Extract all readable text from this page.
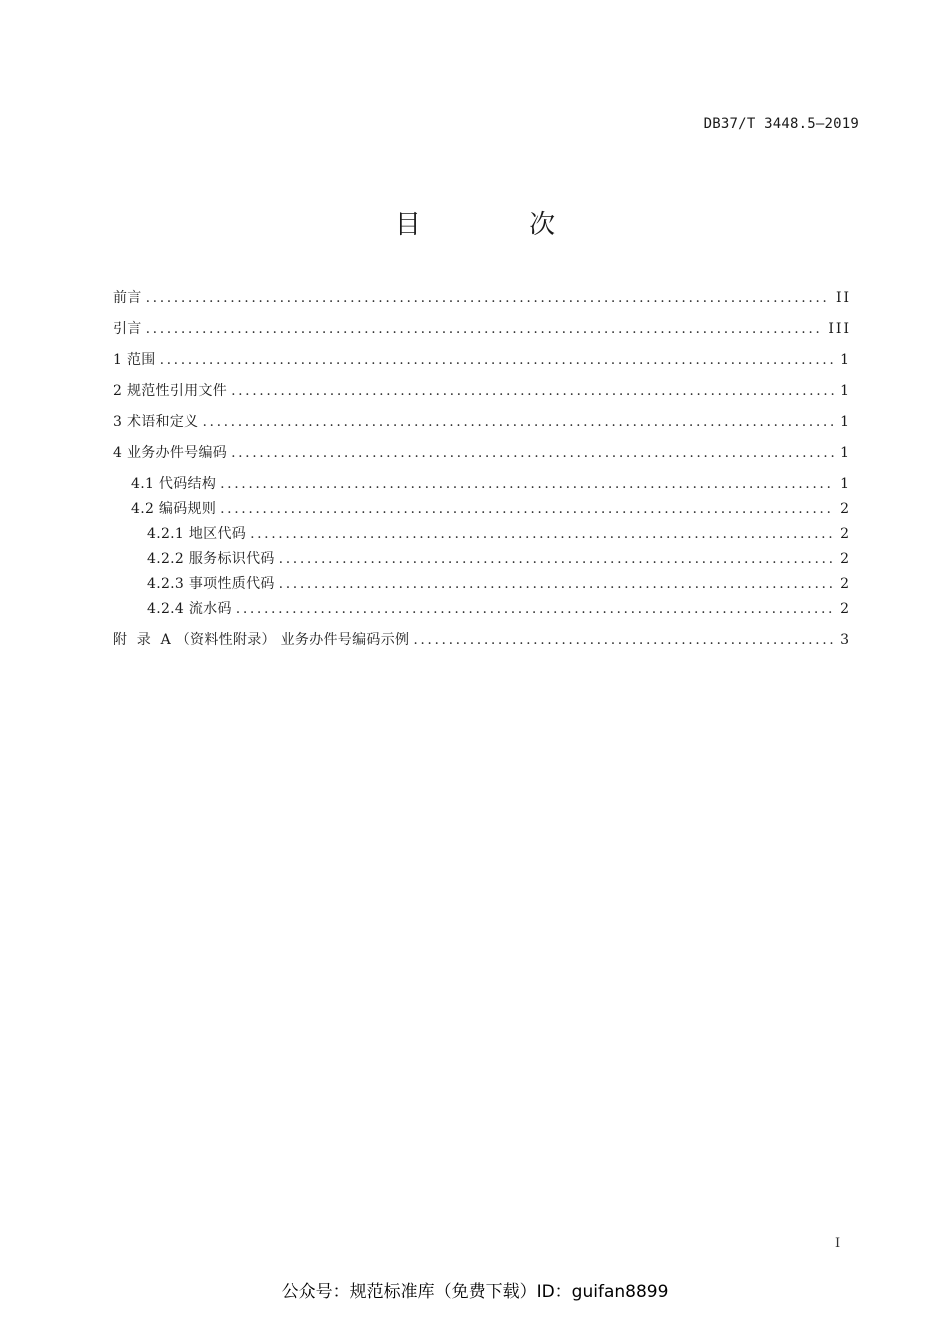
DB37/T 3448.5—2019
目 次
前言 .....	II
引言 .....	III
1 范围 .....	1
2 规范性引用文件 .....	1
3 术语和定义 .....	1
4 业务办件号编码 .....	1
4.1 代码结构 .....	1
4.2 编码规则 .....	2
4.2.1 地区代码 .....	2
4.2.2 服务标识代码 .....	2
4.2.3 事项性质代码 .....	2
4.2.4 流水码 .....	2
附  录  A （资料性附录） 业务办件号编码示例 .....	3
I
公众号：规范标准库（免费下载）ID：guifan8899
